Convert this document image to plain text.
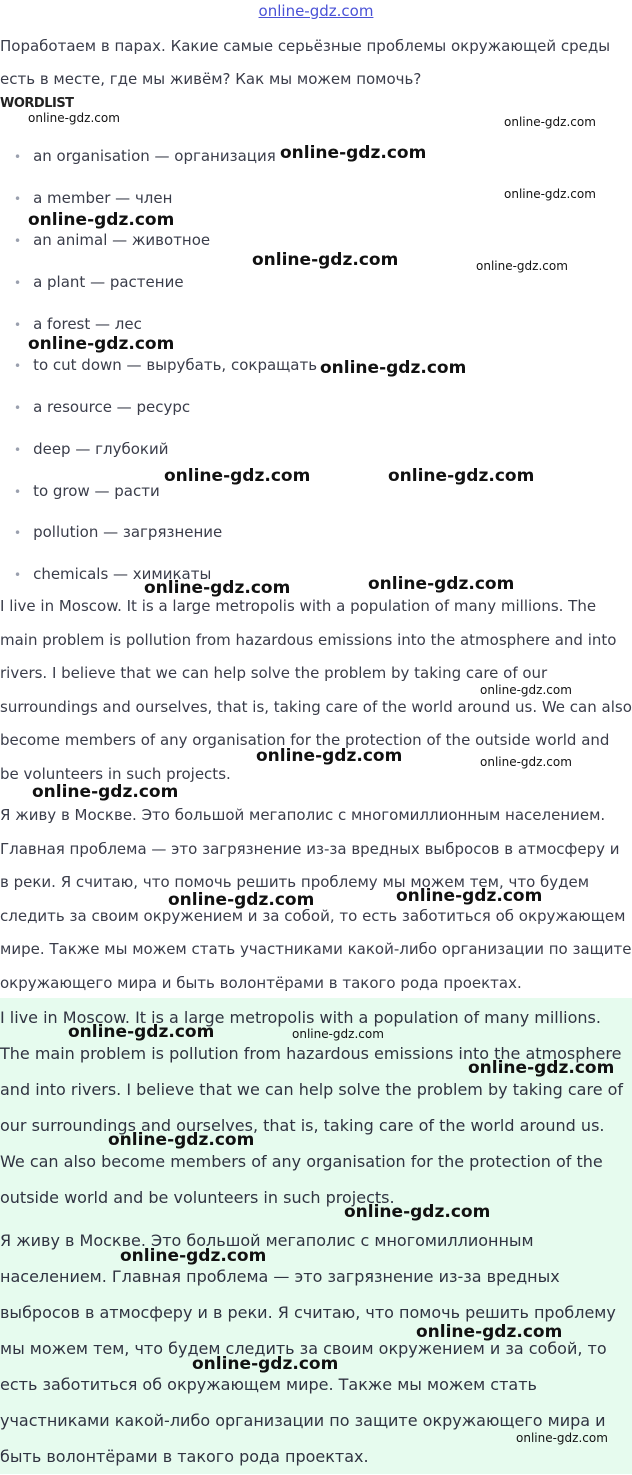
online-gdz.com
Поработаем в парах. Какие самые серьёзные проблемы окружающей среды есть в месте, где мы живём? Как мы можем помочь?
WORDLIST
• an organisation — организация
• a member — член
• an animal — животное
• a plant — растение
• a forest — лес
• to cut down — вырубать, сокращать
• a resource — ресурс
• deep — глубокий
• to grow — расти
• pollution — загрязнение
• chemicals — химикаты
I live in Moscow. It is a large metropolis with a population of many millions. The main problem is pollution from hazardous emissions into the atmosphere and into rivers. I believe that we can help solve the problem by taking care of our surroundings and ourselves, that is, taking care of the world around us. We can also become members of any organisation for the protection of the outside world and be volunteers in such projects.
Я живу в Москве. Это большой мегаполис с многомиллионным населением. Главная проблема — это загрязнение из-за вредных выбросов в атмосферу и в реки. Я считаю, что помочь решить проблему мы можем тем, что будем следить за своим окружением и за собой, то есть заботиться об окружающем мире. Также мы можем стать участниками какой-либо организации по защите окружающего мира и быть волонтёрами в такого рода проектах.
I live in Moscow. It is a large metropolis with a population of many millions. The main problem is pollution from hazardous emissions into the atmosphere and into rivers. I believe that we can help solve the problem by taking care of our surroundings and ourselves, that is, taking care of the world around us. We can also become members of any organisation for the protection of the outside world and be volunteers in such projects.
Я живу в Москве. Это большой мегаполис с многомиллионным населением. Главная проблема — это загрязнение из-за вредных выбросов в атмосферу и в реки. Я считаю, что помочь решить проблему мы можем тем, что будем следить за своим окружением и за собой, то есть заботиться об окружающем мире. Также мы можем стать участниками какой-либо организации по защите окружающего мира и быть волонтёрами в такого рода проектах.
online-gdz.com	online-gdz.com
online-gdz.com
online-gdz.com
online-gdz.com
online-gdz.com	online-gdz.com
online-gdz.com
online-gdz.com
online-gdz.com	online-gdz.com
online-gdz.com
online-gdz.com
online-gdz.com
online-gdz.com	online-gdz.com
online-gdz.com
online-gdz.com
online-gdz.com
online-gdz.com	online-gdz.com
online-gdz.com
online-gdz.com
online-gdz.com
online-gdz.com
online-gdz.com
online-gdz.com
online-gdz.com
